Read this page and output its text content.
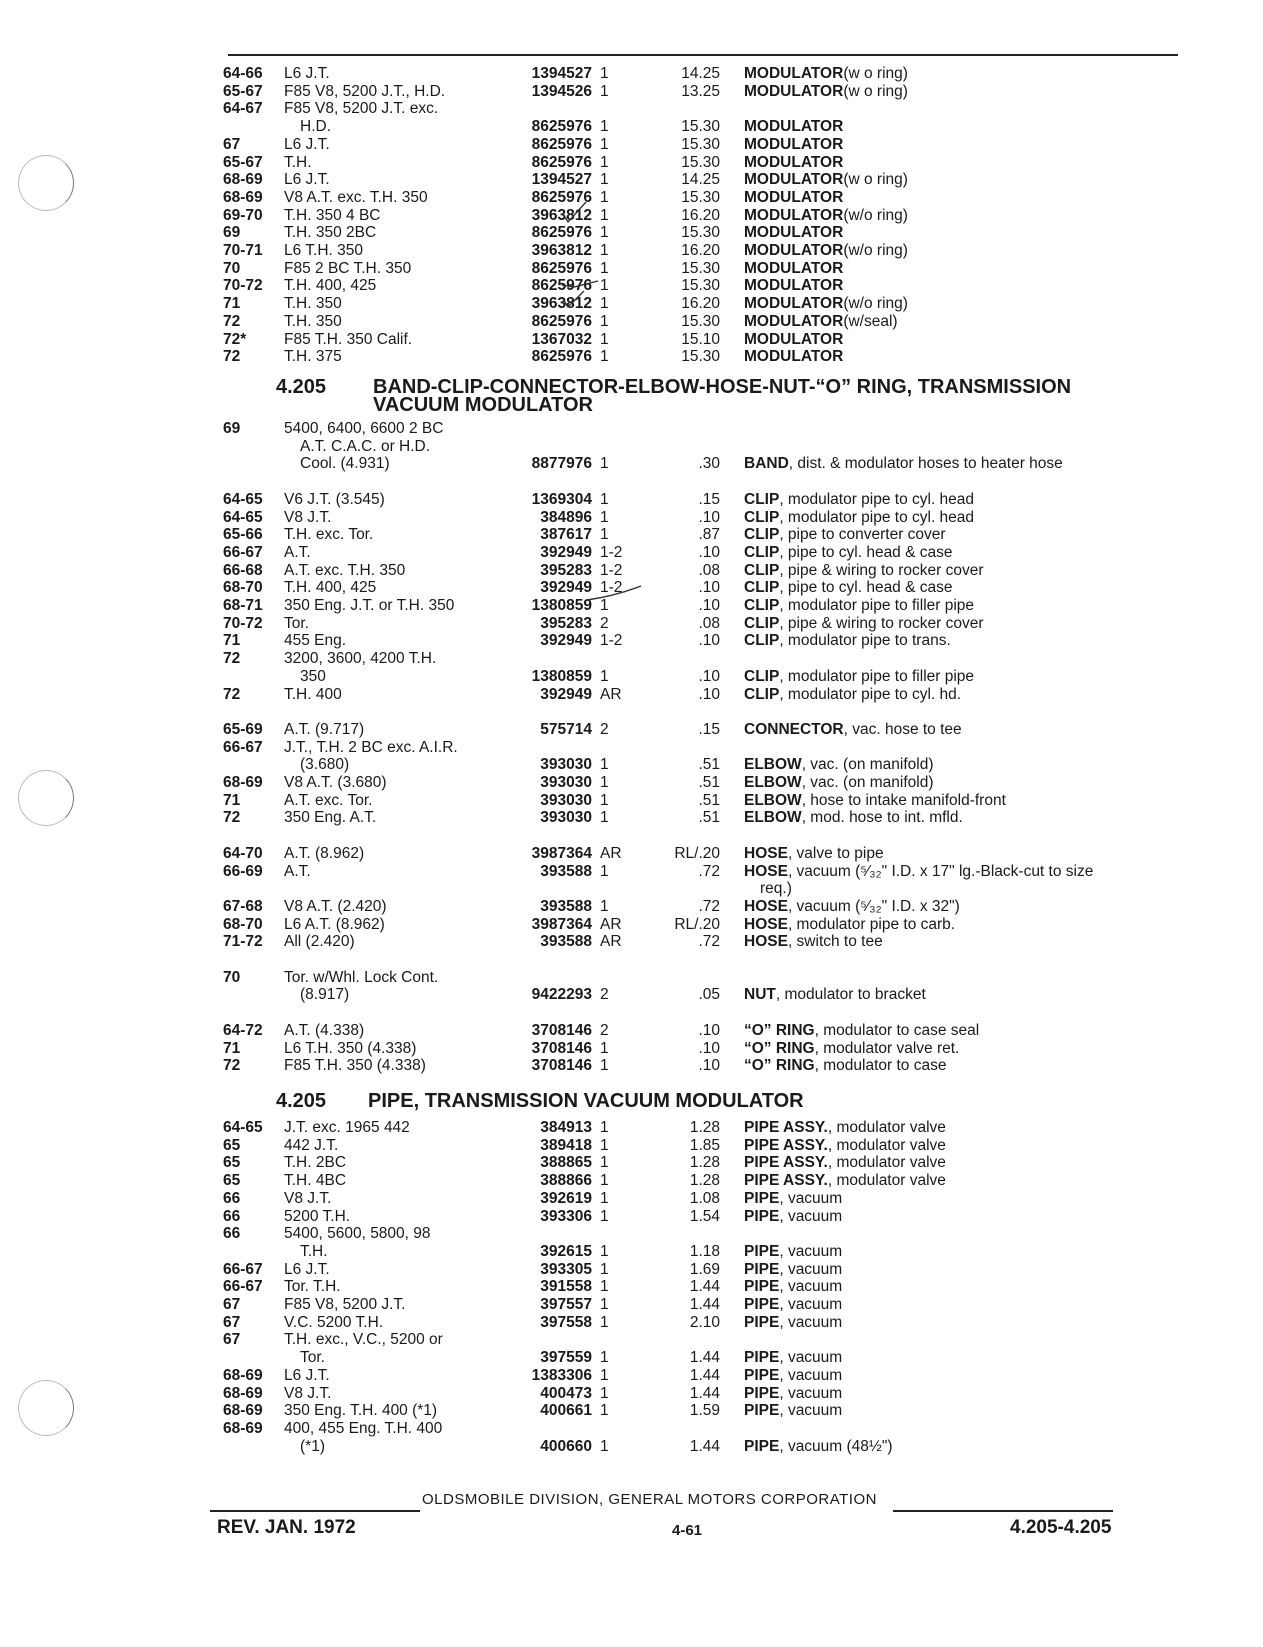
64-66	L6 J.T.	1394527 1	14.25 MODULATOR(w o ring)
65-67	F85 V8, 5200 J.T., H.D.	1394526 1	13.25 MODULATOR(w o ring)
64-67	F85 V8, 5200 J.T. exc.
H.D.	8625976 1	15.30 MODULATOR
67	L6 J.T.	8625976 1	15.30 MODULATOR
65-67	T.H.	8625976 1	15.30 MODULATOR
68-69	L6 J.T.	1394527 1	14.25 MODULATOR(w o ring)
68-69	V8 A.T. exc. T.H. 350	8625976 1	15.30 MODULATOR
69-70	T.H. 350 4 BC	3963812 1	16.20 MODULATOR(w/o ring)
69	T.H. 350 2BC	8625976 1	15.30 MODULATOR
70-71	L6 T.H. 350	3963812 1	16.20 MODULATOR(w/o ring)
70	F85 2 BC T.H. 350	8625976 1	15.30 MODULATOR
70-72	T.H. 400, 425	8625976 1	15.30 MODULATOR
71	T.H. 350	3963812 1	16.20 MODULATOR(w/o ring)
72	T.H. 350	8625976 1	15.30 MODULATOR(w/seal)
72*	F85 T.H. 350 Calif.	1367032 1	15.10 MODULATOR
72	T.H. 375	8625976 1	15.30 MODULATOR
4.205 BAND-CLIP-CONNECTOR-ELBOW-HOSE-NUT-“O” RING, TRANSMISSION
VACUUM MODULATOR
69	5400, 6400, 6600 2 BC
A.T. C.A.C. or H.D.
Cool. (4.931)	8877976 1	.30 BAND, dist. & modulator hoses to heater hose
64-65	V6 J.T. (3.545)	1369304 1	.15 CLIP, modulator pipe to cyl. head
64-65	V8 J.T.	384896 1	.10 CLIP, modulator pipe to cyl. head
65-66	T.H. exc. Tor.	387617 1	.87 CLIP, pipe to converter cover
66-67	A.T.	392949 1-2	.10 CLIP, pipe to cyl. head & case
66-68	A.T. exc. T.H. 350	395283 1-2	.08 CLIP, pipe & wiring to rocker cover
68-70	T.H. 400, 425	392949 1-2	.10 CLIP, pipe to cyl. head & case
68-71	350 Eng. J.T. or T.H. 350	1380859 1	.10 CLIP, modulator pipe to filler pipe
70-72	Tor.	395283 2	.08 CLIP, pipe & wiring to rocker cover
71	455 Eng.	392949 1-2	.10 CLIP, modulator pipe to trans.
72	3200, 3600, 4200 T.H.
350	1380859 1	.10 CLIP, modulator pipe to filler pipe
72	T.H. 400	392949 AR	.10 CLIP, modulator pipe to cyl. hd.
65-69	A.T. (9.717)	575714 2	.15 CONNECTOR, vac. hose to tee
66-67	J.T., T.H. 2 BC exc. A.I.R.
(3.680)	393030 1	.51 ELBOW, vac. (on manifold)
68-69	V8 A.T. (3.680)	393030 1	.51 ELBOW, vac. (on manifold)
71	A.T. exc. Tor.	393030 1	.51 ELBOW, hose to intake manifold-front
72	350 Eng. A.T.	393030 1	.51 ELBOW, mod. hose to int. mfld.
64-70	A.T. (8.962)	3987364 AR	RL/.20 HOSE, valve to pipe
66-69	A.T.	393588 1	.72 HOSE, vacuum (⁵⁄₃₂" I.D. x 17" lg.-Black-cut to size
req.)
67-68	V8 A.T. (2.420)	393588 1	.72 HOSE, vacuum (⁵⁄₃₂" I.D. x 32")
68-70	L6 A.T. (8.962)	3987364 AR	RL/.20 HOSE, modulator pipe to carb.
71-72	All (2.420)	393588 AR	.72 HOSE, switch to tee
70	Tor. w/Whl. Lock Cont.
(8.917)	9422293 2	.05 NUT, modulator to bracket
64-72	A.T. (4.338)	3708146 2	.10 “O” RING, modulator to case seal
71	L6 T.H. 350 (4.338)	3708146 1	.10 “O” RING, modulator valve ret.
72	F85 T.H. 350 (4.338)	3708146 1	.10 “O” RING, modulator to case
4.205 PIPE, TRANSMISSION VACUUM MODULATOR
64-65	J.T. exc. 1965 442	384913 1	1.28 PIPE ASSY., modulator valve
65	442 J.T.	389418 1	1.85 PIPE ASSY., modulator valve
65	T.H. 2BC	388865 1	1.28 PIPE ASSY., modulator valve
65	T.H. 4BC	388866 1	1.28 PIPE ASSY., modulator valve
66	V8 J.T.	392619 1	1.08 PIPE, vacuum
66	5200 T.H.	393306 1	1.54 PIPE, vacuum
66	5400, 5600, 5800, 98
T.H.	392615 1	1.18 PIPE, vacuum
66-67	L6 J.T.	393305 1	1.69 PIPE, vacuum
66-67	Tor. T.H.	391558 1	1.44 PIPE, vacuum
67	F85 V8, 5200 J.T.	397557 1	1.44 PIPE, vacuum
67	V.C. 5200 T.H.	397558 1	2.10 PIPE, vacuum
67	T.H. exc., V.C., 5200 or
Tor.	397559 1	1.44 PIPE, vacuum
68-69	L6 J.T.	1383306 1	1.44 PIPE, vacuum
68-69	V8 J.T.	400473 1	1.44 PIPE, vacuum
68-69	350 Eng. T.H. 400 (*1)	400661 1	1.59 PIPE, vacuum
68-69	400, 455 Eng. T.H. 400
(*1)	400660 1	1.44 PIPE, vacuum (48½")
OLDSMOBILE DIVISION, GENERAL MOTORS CORPORATION
REV. JAN. 1972	4-61	4.205-4.205
